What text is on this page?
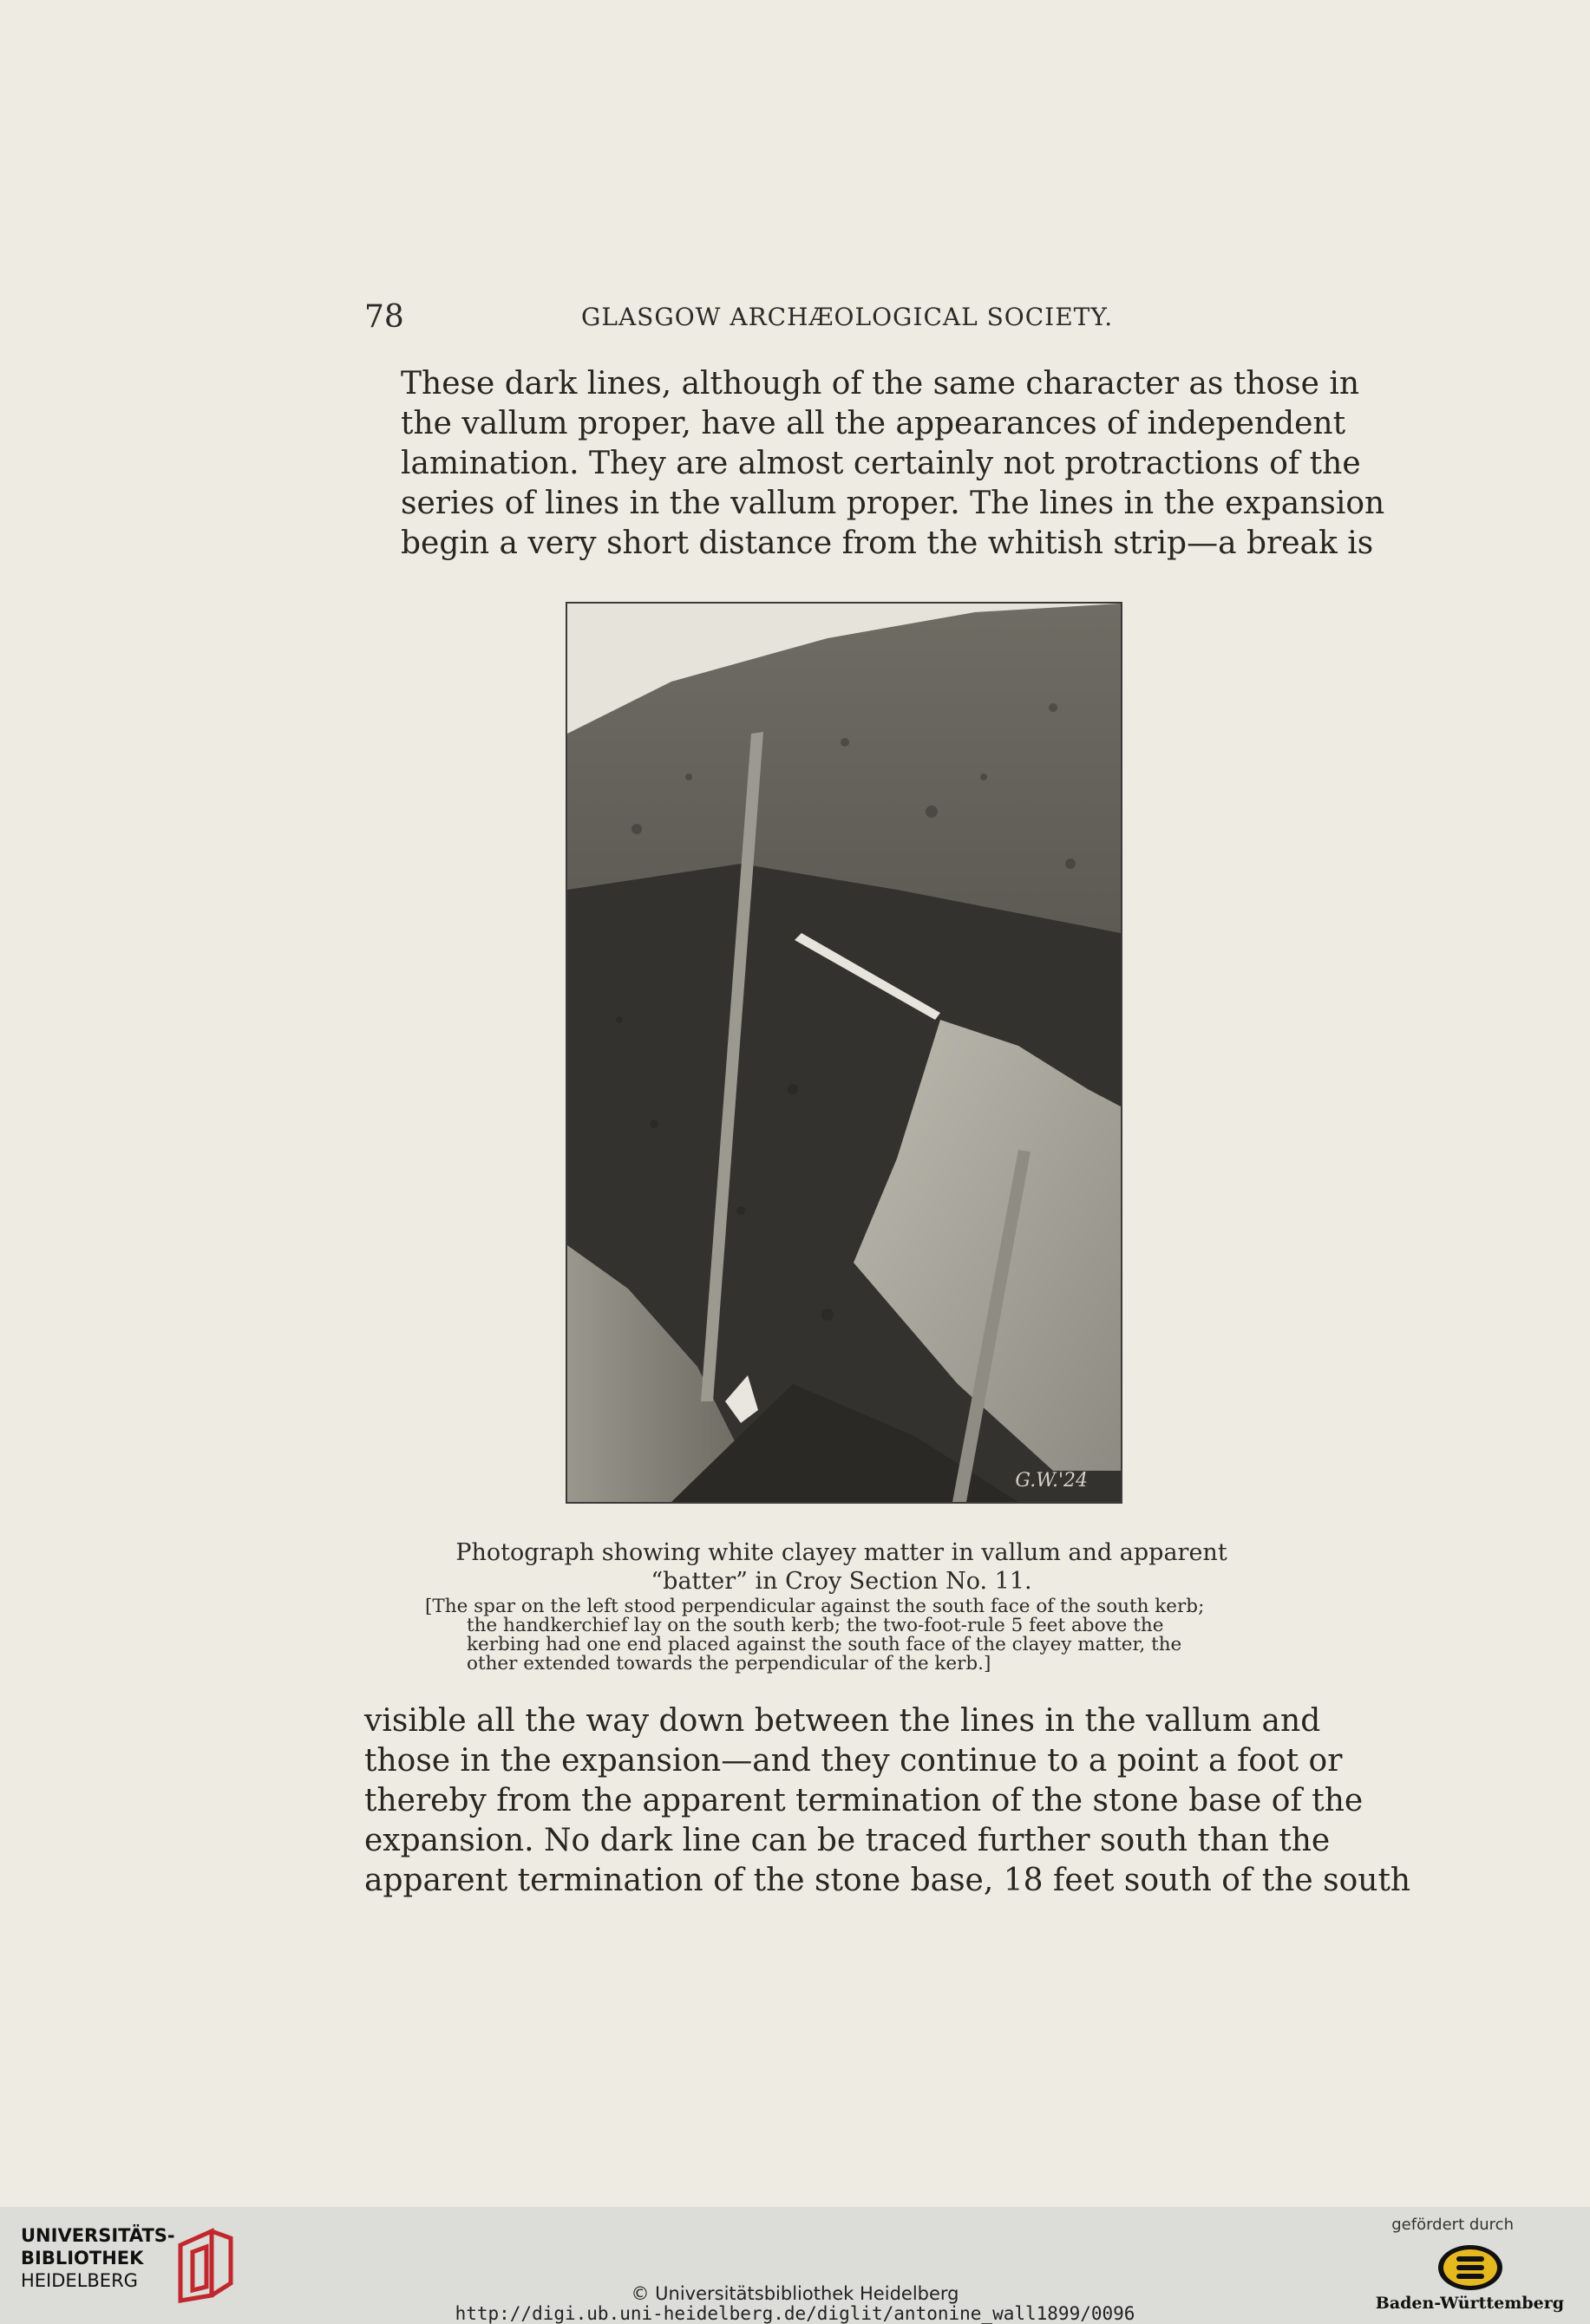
78	GLASGOW ARCHÆOLOGICAL SOCIETY.

These dark lines, although of the same character as those in
the vallum proper, have all the appearances of independent
lamination. They are almost certainly not protractions of the
series of lines in the vallum proper. The lines in the expansion
begin a very short distance from the whitish strip—a break is

G.W.'24
Photograph showing white clayey matter in vallum and apparent
“batter” in Croy Section No. 11.
[The spar on the left stood perpendicular against the south face of the south kerb;
the handkerchief lay on the south kerb; the two-foot-rule 5 feet above the
kerbing had one end placed against the south face of the clayey matter, the
other extended towards the perpendicular of the kerb.]

visible all the way down between the lines in the vallum and
those in the expansion—and they continue to a point a foot or
thereby from the apparent termination of the stone base of the
expansion. No dark line can be traced further south than the
apparent termination of the stone base, 18 feet south of the south

UNIVERSITÄTS-
BIBLIOTHEK
HEIDELBERG
© Universitätsbibliothek Heidelberg
http://digi.ub.uni-heidelberg.de/diglit/antonine_wall1899/0096
gefördert durch
Baden-Württemberg
